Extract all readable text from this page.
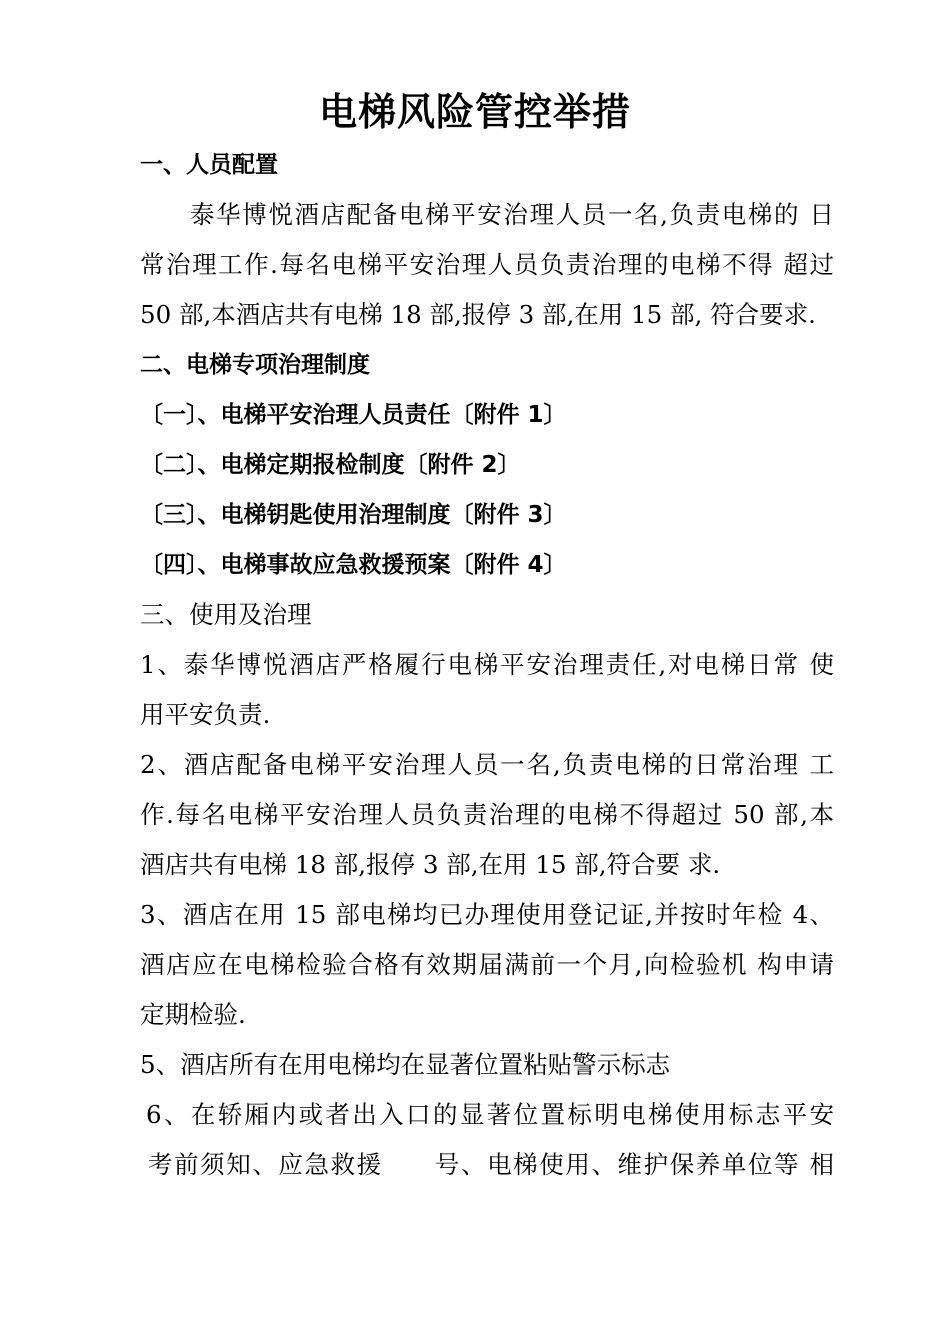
电梯风险管控举措
一、人员配置
泰华博悦酒店配备电梯平安治理人员一名,负责电梯的 日
常治理工作.每名电梯平安治理人员负责治理的电梯不得 超过
50 部,本酒店共有电梯 18 部,报停 3 部,在用 15 部, 符合要求.
二、电梯专项治理制度
〔一〕、电梯平安治理人员责任〔附件 1〕
〔二〕、电梯定期报检制度〔附件 2〕
〔三〕、电梯钥匙使用治理制度〔附件 3〕
〔四〕、电梯事故应急救援预案〔附件 4〕
三、使用及治理
1、泰华博悦酒店严格履行电梯平安治理责任,对电梯日常 使
用平安负责.
2、酒店配备电梯平安治理人员一名,负责电梯的日常治理 工
作.每名电梯平安治理人员负责治理的电梯不得超过 50 部,本
酒店共有电梯 18 部,报停 3 部,在用 15 部,符合要 求.
3、酒店在用 15 部电梯均已办理使用登记证,并按时年检 4、
酒店应在电梯检验合格有效期届满前一个月,向检验机 构申请
定期检验.
5、酒店所有在用电梯均在显著位置粘贴警示标志
6、在轿厢内或者出入口的显著位置标明电梯使用标志平安
考前须知、应急救援　　号、电梯使用、维护保养单位等 相
